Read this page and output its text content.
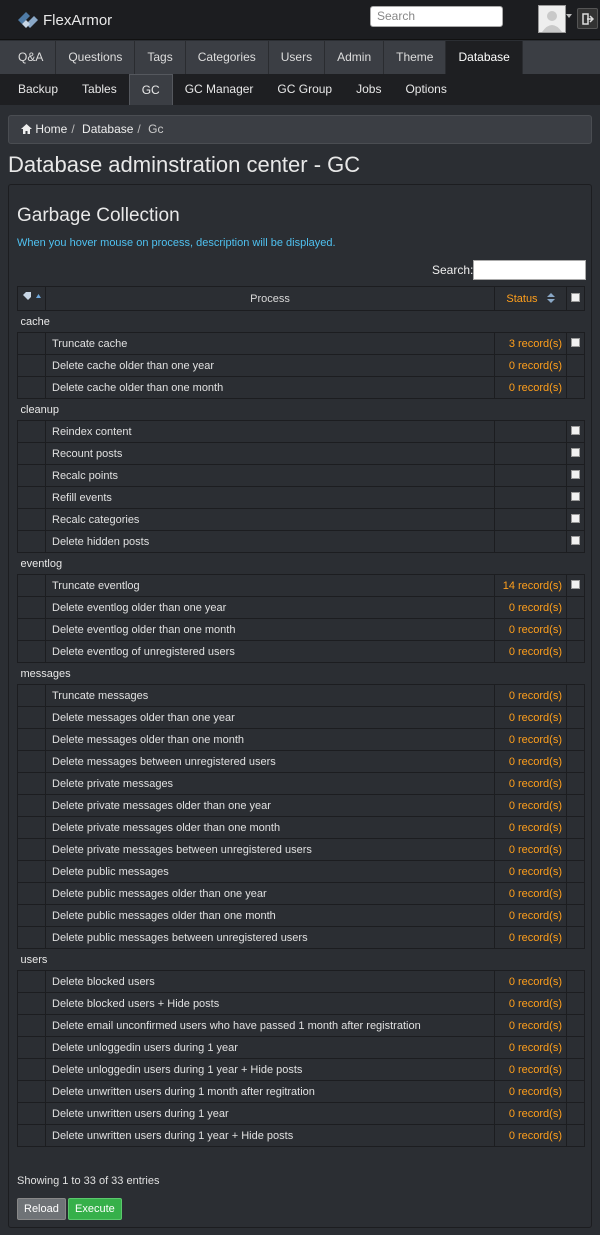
FlexArmor	Search
Q&A	Questions	Tags	Categories	Users	Admin	Theme	Database
Backup	Tables	GC	GC Manager	GC Group	Jobs	Options
Home / Database / Gc
Database adminstration center - GC
Garbage Collection
When you hover mouse on process, description will be displayed.
Search:
	Process	Status	
cache			
	Truncate cache	3 record(s)	
	Delete cache older than one year	0 record(s)	
	Delete cache older than one month	0 record(s)	
cleanup			
	Reindex content		
	Recount posts		
	Recalc points		
	Refill events		
	Recalc categories		
	Delete hidden posts		
eventlog			
	Truncate eventlog	14 record(s)	
	Delete eventlog older than one year	0 record(s)	
	Delete eventlog older than one month	0 record(s)	
	Delete eventlog of unregistered users	0 record(s)	
messages			
	Truncate messages	0 record(s)	
	Delete messages older than one year	0 record(s)	
	Delete messages older than one month	0 record(s)	
	Delete messages between unregistered users	0 record(s)	
	Delete private messages	0 record(s)	
	Delete private messages older than one year	0 record(s)	
	Delete private messages older than one month	0 record(s)	
	Delete private messages between unregistered users	0 record(s)	
	Delete public messages	0 record(s)	
	Delete public messages older than one year	0 record(s)	
	Delete public messages older than one month	0 record(s)	
	Delete public messages between unregistered users	0 record(s)	
users			
	Delete blocked users	0 record(s)	
	Delete blocked users + Hide posts	0 record(s)	
	Delete email unconfirmed users who have passed 1 month after registration	0 record(s)	
	Delete unloggedin users during 1 year	0 record(s)	
	Delete unloggedin users during 1 year + Hide posts	0 record(s)	
	Delete unwritten users during 1 month after regitration	0 record(s)	
	Delete unwritten users during 1 year	0 record(s)	
	Delete unwritten users during 1 year + Hide posts	0 record(s)	
Showing 1 to 33 of 33 entries
Reload	Execute
